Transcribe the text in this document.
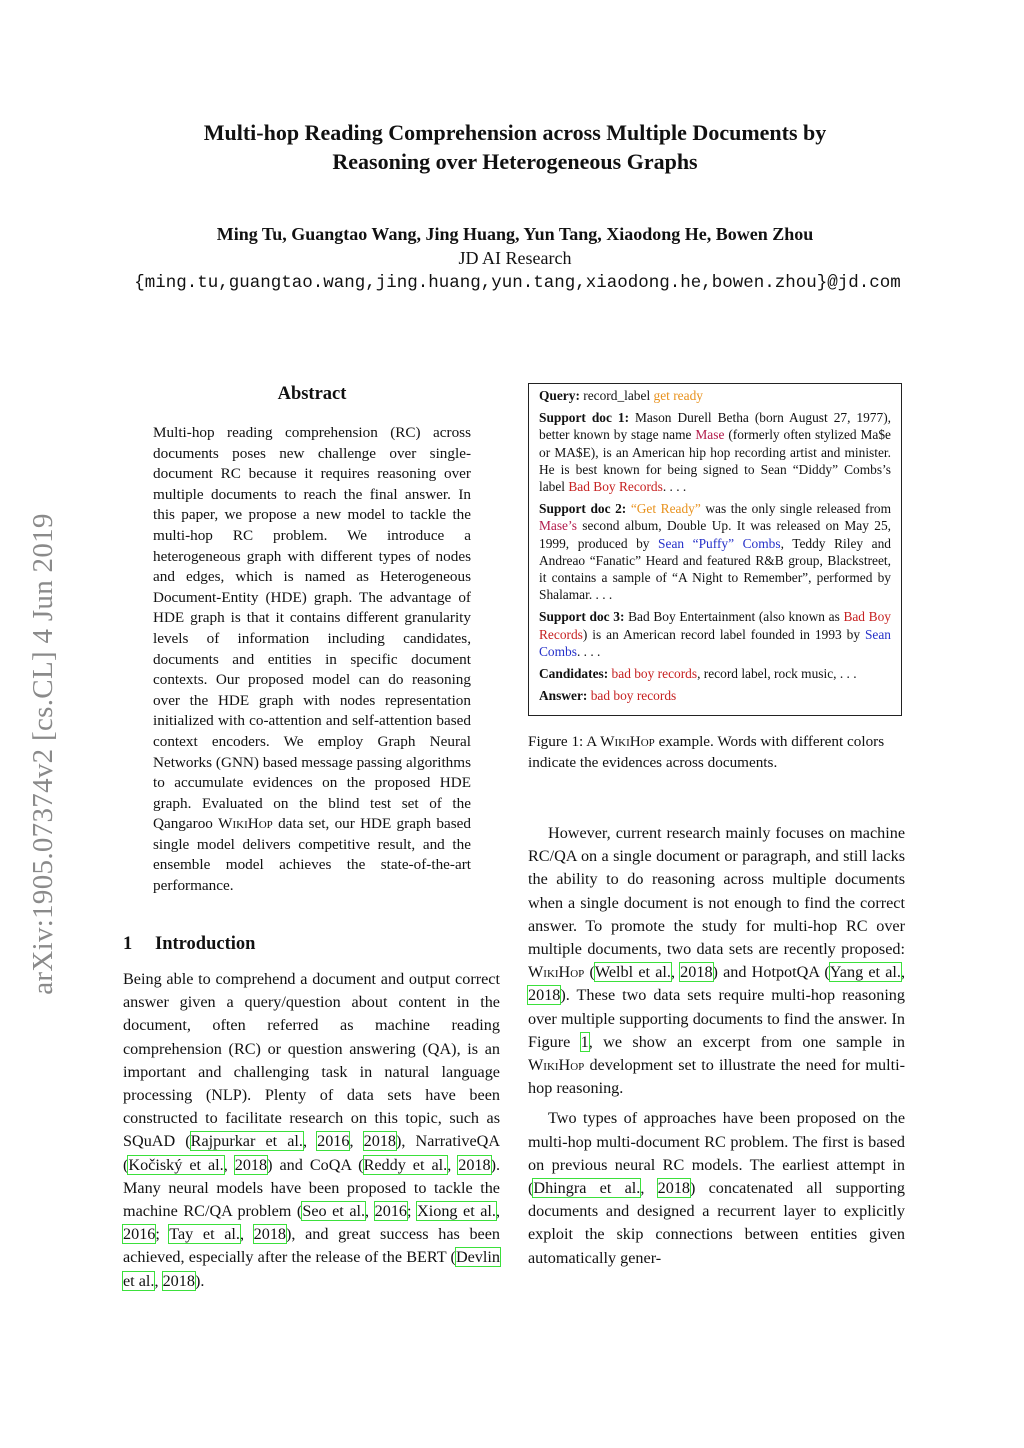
Multi-hop Reading Comprehension across Multiple Documents by
Reasoning over Heterogeneous Graphs
Ming Tu, Guangtao Wang, Jing Huang, Yun Tang, Xiaodong He, Bowen Zhou
JD AI Research
{ming.tu,guangtao.wang,jing.huang,yun.tang,xiaodong.he,bowen.zhou}@jd.com
arXiv:1905.07374v2 [cs.CL] 4 Jun 2019
Abstract
Multi-hop reading comprehension (RC) across documents poses new challenge over single-document RC because it requires reasoning over multiple documents to reach the final answer. In this paper, we propose a new model to tackle the multi-hop RC problem. We introduce a heterogeneous graph with different types of nodes and edges, which is named as Heterogeneous Document-Entity (HDE) graph. The advantage of HDE graph is that it contains different granularity levels of information including candidates, documents and entities in specific document contexts. Our proposed model can do reasoning over the HDE graph with nodes representation initialized with co-attention and self-attention based context encoders. We employ Graph Neural Networks (GNN) based message passing algorithms to accumulate evidences on the proposed HDE graph. Evaluated on the blind test set of the Qangaroo WikiHop data set, our HDE graph based single model delivers competitive result, and the ensemble model achieves the state-of-the-art performance.
1 Introduction

Being able to comprehend a document and output correct answer given a query/question about content in the document, often referred as machine reading comprehension (RC) or question answering (QA), is an important and challenging task in natural language processing (NLP). Plenty of data sets have been constructed to facilitate research on this topic, such as SQuAD (Rajpurkar et al., 2016, 2018), NarrativeQA (Kočiský et al., 2018) and CoQA (Reddy et al., 2018). Many neural models have been proposed to tackle the machine RC/QA problem (Seo et al., 2016; Xiong et al., 2016; Tay et al., 2018), and great success has been achieved, especially after the release of the BERT (Devlin et al., 2018).

Query: record_label get ready

Support doc 1: Mason Durell Betha (born August 27, 1977), better known by stage name Mase (formerly often stylized Ma$e or MA$E), is an American hip hop recording artist and minister. He is best known for being signed to Sean “Diddy” Combs’s label Bad Boy Records. . . .

Support doc 2: “Get Ready” was the only single released from Mase’s second album, Double Up. It was released on May 25, 1999, produced by Sean “Puffy” Combs, Teddy Riley and Andreao “Fanatic” Heard and featured R&B group, Blackstreet, it contains a sample of “A Night to Remember”, performed by Shalamar. . . .

Support doc 3: Bad Boy Entertainment (also known as Bad Boy Records) is an American record label founded in 1993 by Sean Combs. . . .

Candidates: bad boy records, record label, rock music, . . .

Answer: bad boy records

Figure 1: A WikiHop example. Words with different colors indicate the evidences across documents.

However, current research mainly focuses on machine RC/QA on a single document or paragraph, and still lacks the ability to do reasoning across multiple documents when a single document is not enough to find the correct answer. To promote the study for multi-hop RC over multiple documents, two data sets are recently proposed: WikiHop (Welbl et al., 2018) and HotpotQA (Yang et al., 2018). These two data sets require multi-hop reasoning over multiple supporting documents to find the answer. In Figure 1, we show an excerpt from one sample in WikiHop development set to illustrate the need for multi-hop reasoning.

Two types of approaches have been proposed on the multi-hop multi-document RC problem. The first is based on previous neural RC models. The earliest attempt in (Dhingra et al., 2018) concatenated all supporting documents and designed a recurrent layer to explicitly exploit the skip connections between entities given automatically gener-
